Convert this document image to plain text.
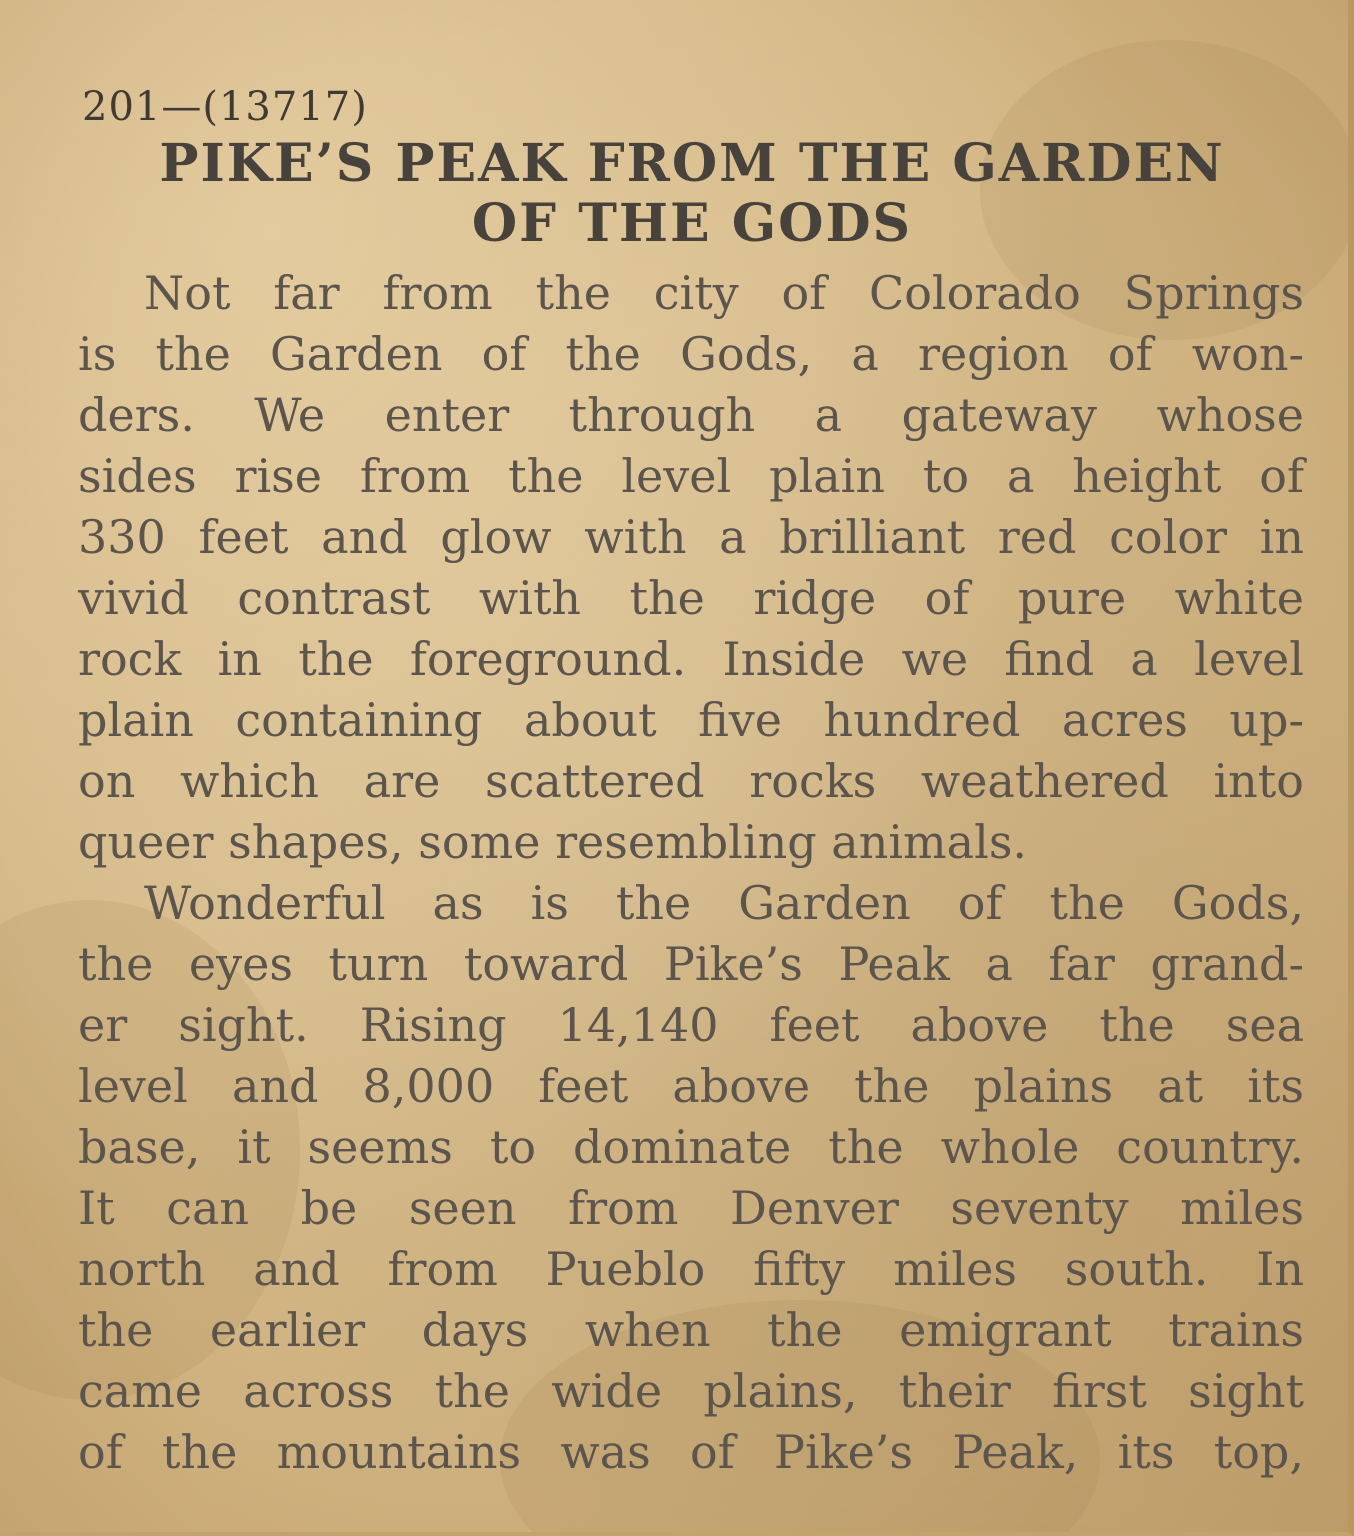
201—(13717)
PIKE’S PEAK FROM THE GARDEN
OF THE GODS
Not far from the city of Colorado Springs
is the Garden of the Gods, a region of won-
ders. We enter through a gateway whose
sides rise from the level plain to a height of
330 feet and glow with a brilliant red color in
vivid contrast with the ridge of pure white
rock in the foreground. Inside we find a level
plain containing about five hundred acres up-
on which are scattered rocks weathered into
queer shapes, some resembling animals.
Wonderful as is the Garden of the Gods,
the eyes turn toward Pike’s Peak a far grand-
er sight. Rising 14,140 feet above the sea
level and 8,000 feet above the plains at its
base, it seems to dominate the whole country.
It can be seen from Denver seventy miles
north and from Pueblo fifty miles south. In
the earlier days when the emigrant trains
came across the wide plains, their first sight
of the mountains was of Pike’s Peak, its top,
